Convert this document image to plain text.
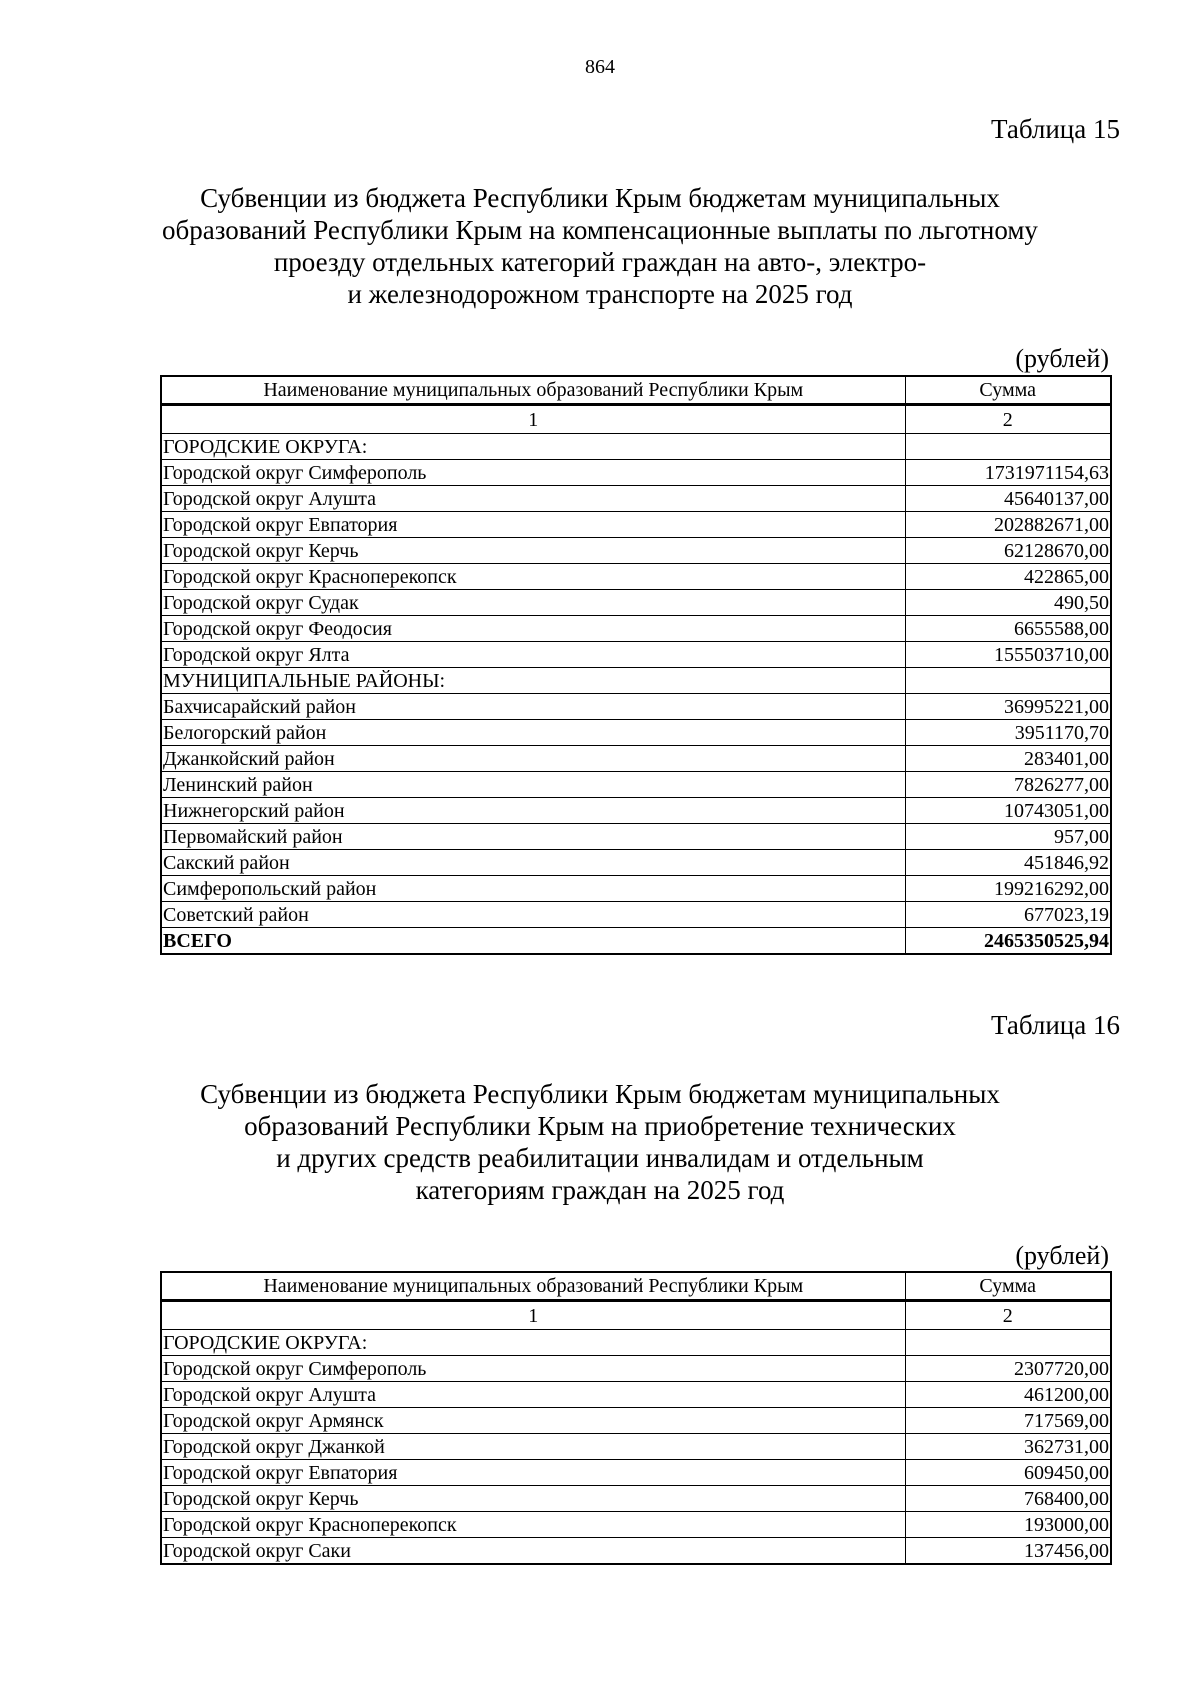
864
Таблица 15
Субвенции из бюджета Республики Крым бюджетам муниципальных
образований Республики Крым на компенсационные выплаты по льготному
проезду отдельных категорий граждан на авто-, электро-
и железнодорожном транспорте на 2025 год
(рублей)
Наименование муниципальных образований Республики Крым	Сумма
1	2
ГОРОДСКИЕ ОКРУГА:	
Городской округ Симферополь	1731971154,63
Городской округ Алушта	45640137,00
Городской округ Евпатория	202882671,00
Городской округ Керчь	62128670,00
Городской округ Красноперекопск	422865,00
Городской округ Судак	490,50
Городской округ Феодосия	6655588,00
Городской округ Ялта	155503710,00
МУНИЦИПАЛЬНЫЕ РАЙОНЫ:	
Бахчисарайский район	36995221,00
Белогорский район	3951170,70
Джанкойский район	283401,00
Ленинский район	7826277,00
Нижнегорский район	10743051,00
Первомайский район	957,00
Сакский район	451846,92
Симферопольский район	199216292,00
Советский район	677023,19
ВСЕГО	2465350525,94
Таблица 16
Субвенции из бюджета Республики Крым бюджетам муниципальных
образований Республики Крым на приобретение технических
и других средств реабилитации инвалидам и отдельным
категориям граждан на 2025 год
(рублей)
Наименование муниципальных образований Республики Крым	Сумма
1	2
ГОРОДСКИЕ ОКРУГА:	
Городской округ Симферополь	2307720,00
Городской округ Алушта	461200,00
Городской округ Армянск	717569,00
Городской округ Джанкой	362731,00
Городской округ Евпатория	609450,00
Городской округ Керчь	768400,00
Городской округ Красноперекопск	193000,00
Городской округ Саки	137456,00
